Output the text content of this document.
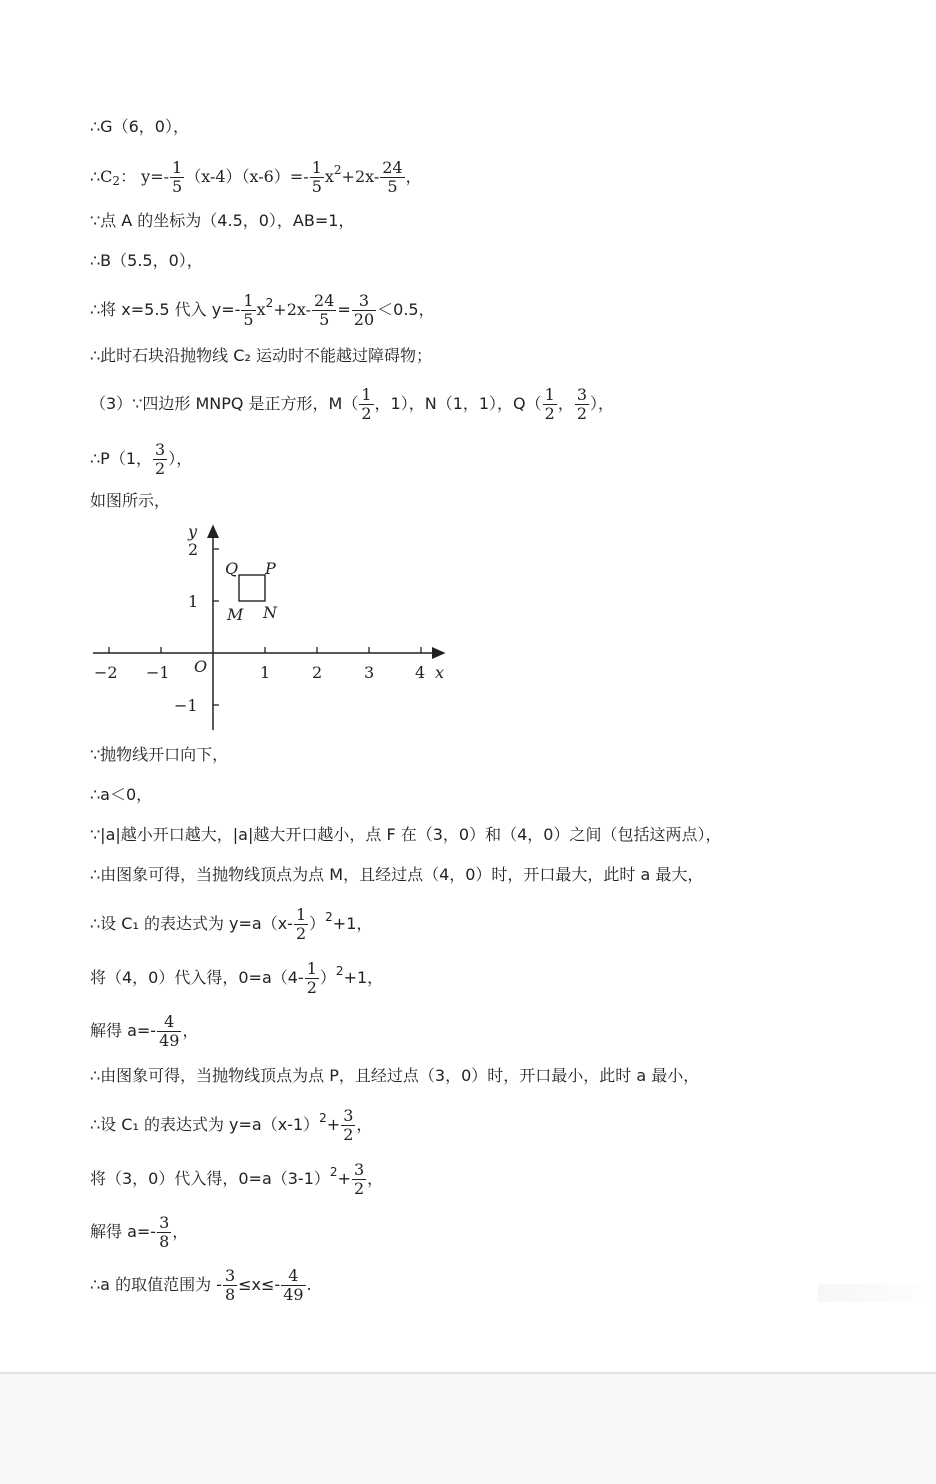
∴G（6，0），
$\therefore C_2$： $y=- \frac{1}{5} (x-4)(x-6)=- \frac{1}{5} x^2+2x- \frac{24}{5}$ ，
∵点 A 的坐标为（4.5，0），AB=1，
∴B（5.5，0），
∴将 x=5.5 代入 $y=- \frac{1}{5} x^2+2x- \frac{24}{5} = \frac{3}{20} <0.5$，
∴此时石块沿抛物线 C₂ 运动时不能越过障碍物；
（3）∵四边形 MNPQ 是正方形，$M( \frac{1}{2}$ ，1），N（1，1），$Q( \frac{1}{2}$ ， $\frac{3}{2}$ ），
∴P（1， $\frac{3}{2}$ ），
如图所示，
−2 −1	1	2	3	4
2
1
−1
O	x
y
Q P
M N
∵抛物线开口向下，
∴a＜0，
∵|a|越小开口越大，|a|越大开口越小，点 F 在（3，0）和（4，0）之间（包括这两点），
∴由图象可得，当抛物线顶点为点 M，且经过点（4，0）时，开口最大，此时 a 最大，
∴设 C₁ 的表达式为 $y=a(x- \frac{1}{2} )^2+1$，
将（4，0）代入得，$0=a(4- \frac{1}{2} )^2+1$，
解得 $a=- \frac{4}{49}$ ，
∴由图象可得，当抛物线顶点为点 P，且经过点（3，0）时，开口最小，此时 a 最小，
∴设 C₁ 的表达式为 $y=a(x-1)^2+ \frac{3}{2}$ ，
将（3，0）代入得，$0=a(3-1)^2+ \frac{3}{2}$ ，
解得 $a=- \frac{3}{8}$ ，
∴a 的取值范围为 - $\frac{3}{8} \le x\le- \frac{4}{49}$ .
